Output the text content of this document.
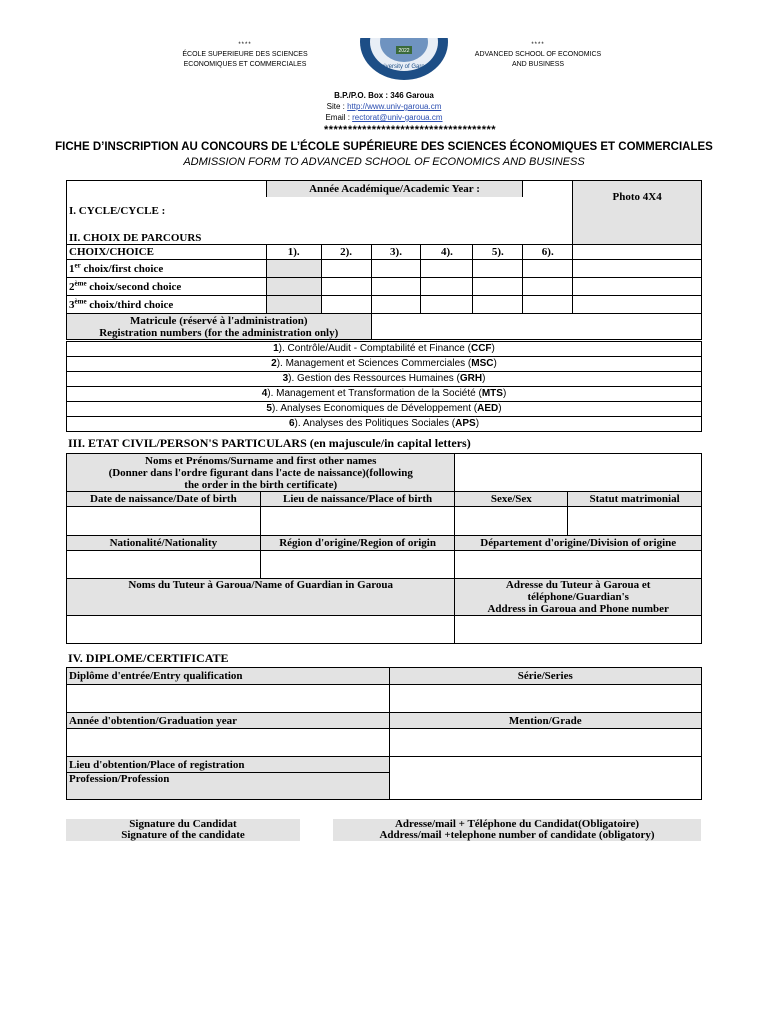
****
ÉCOLE SUPERIEURE DES SCIENCES
ECONOMIQUES ET COMMERCIALES
2022
University of Garoua
****
ADVANCED SCHOOL OF ECONOMICS
AND BUSINESS
B.P./P.O. Box : 346 Garoua
Site : http://www.univ-garoua.cm
Email : rectorat@univ-garoua.cm
************************************
FICHE D’INSCRIPTION AU CONCOURS DE L’ÉCOLE SUPÉRIEURE DES SCIENCES ÉCONOMIQUES ET COMMERCIALES
ADMISSION FORM TO ADVANCED SCHOOL OF ECONOMICS AND BUSINESS
	Année Académique/Academic Year :						Photo 4X4
I. CYCLE/CYCLE :							
II. CHOIX DE PARCOURS							
CHOIX/CHOICE	1).	2).	3).	4).	5).	6).	
1er choix/first choice							
2ème choix/second choice							
3ème choix/third choice							

Matricule (réservé à l'administration)
Registration numbers (for the administration only)							

1). Contrôle/Audit - Comptabilité et Finance (CCF)
2). Management et Sciences Commerciales (MSC)
3). Gestion des Ressources Humaines (GRH)
4). Management et Transformation de la Société (MTS)
5). Analyses Economiques de Développement (AED)
6). Analyses des Politiques Sociales (APS)
III. ETAT CIVIL/PERSON'S PARTICULARS (en majuscule/in capital letters)
Noms et Prénoms/Surname and first other names
(Donner dans l'ordre figurant dans l'acte de naissance)(following
the order in the birth certificate)			

Date de naissance/Date of birth	Lieu de naissance/Place of birth	Sexe/Sex	Statut matrimonial

Nationalité/Nationality	Région d'origine/Region of origin	Département d'origine/Division of origine	

Noms du Tuteur à Garoua/Name of Guardian in Garoua		Adresse du Tuteur à Garoua et
téléphone/Guardian's
Address in Garoua and Phone number	

IV. DIPLOME/CERTIFICATE
Diplôme d'entrée/Entry qualification	Série/Series

Année d'obtention/Graduation year	Mention/Grade

Lieu d'obtention/Place of registration	
Profession/Profession	
Signature du Candidat
Signature of the candidate
Adresse/mail + Téléphone du Candidat(Obligatoire)
Address/mail +telephone number of candidate (obligatory)
